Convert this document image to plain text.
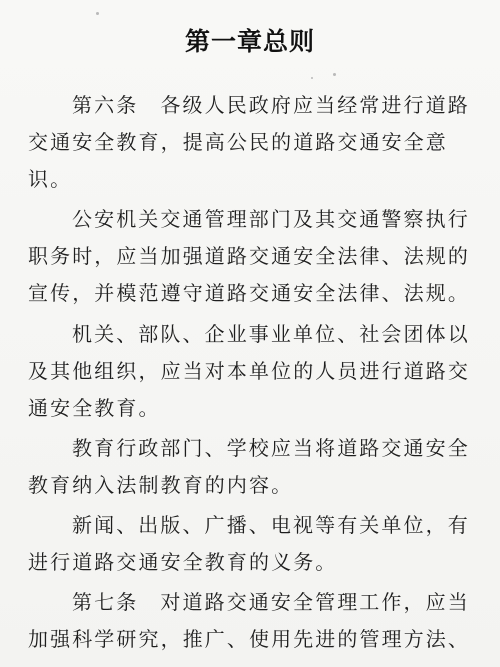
第一章总则

第六条　各级人民政府应当经常进行道路交通安全教育，提高公民的道路交通安全意识。

公安机关交通管理部门及其交通警察执行职务时，应当加强道路交通安全法律、法规的宣传，并模范遵守道路交通安全法律、法规。

机关、部队、企业事业单位、社会团体以及其他组织，应当对本单位的人员进行道路交通安全教育。

教育行政部门、学校应当将道路交通安全教育纳入法制教育的内容。

新闻、出版、广播、电视等有关单位，有进行道路交通安全教育的义务。

第七条　对道路交通安全管理工作，应当加强科学研究，推广、使用先进的管理方法、
